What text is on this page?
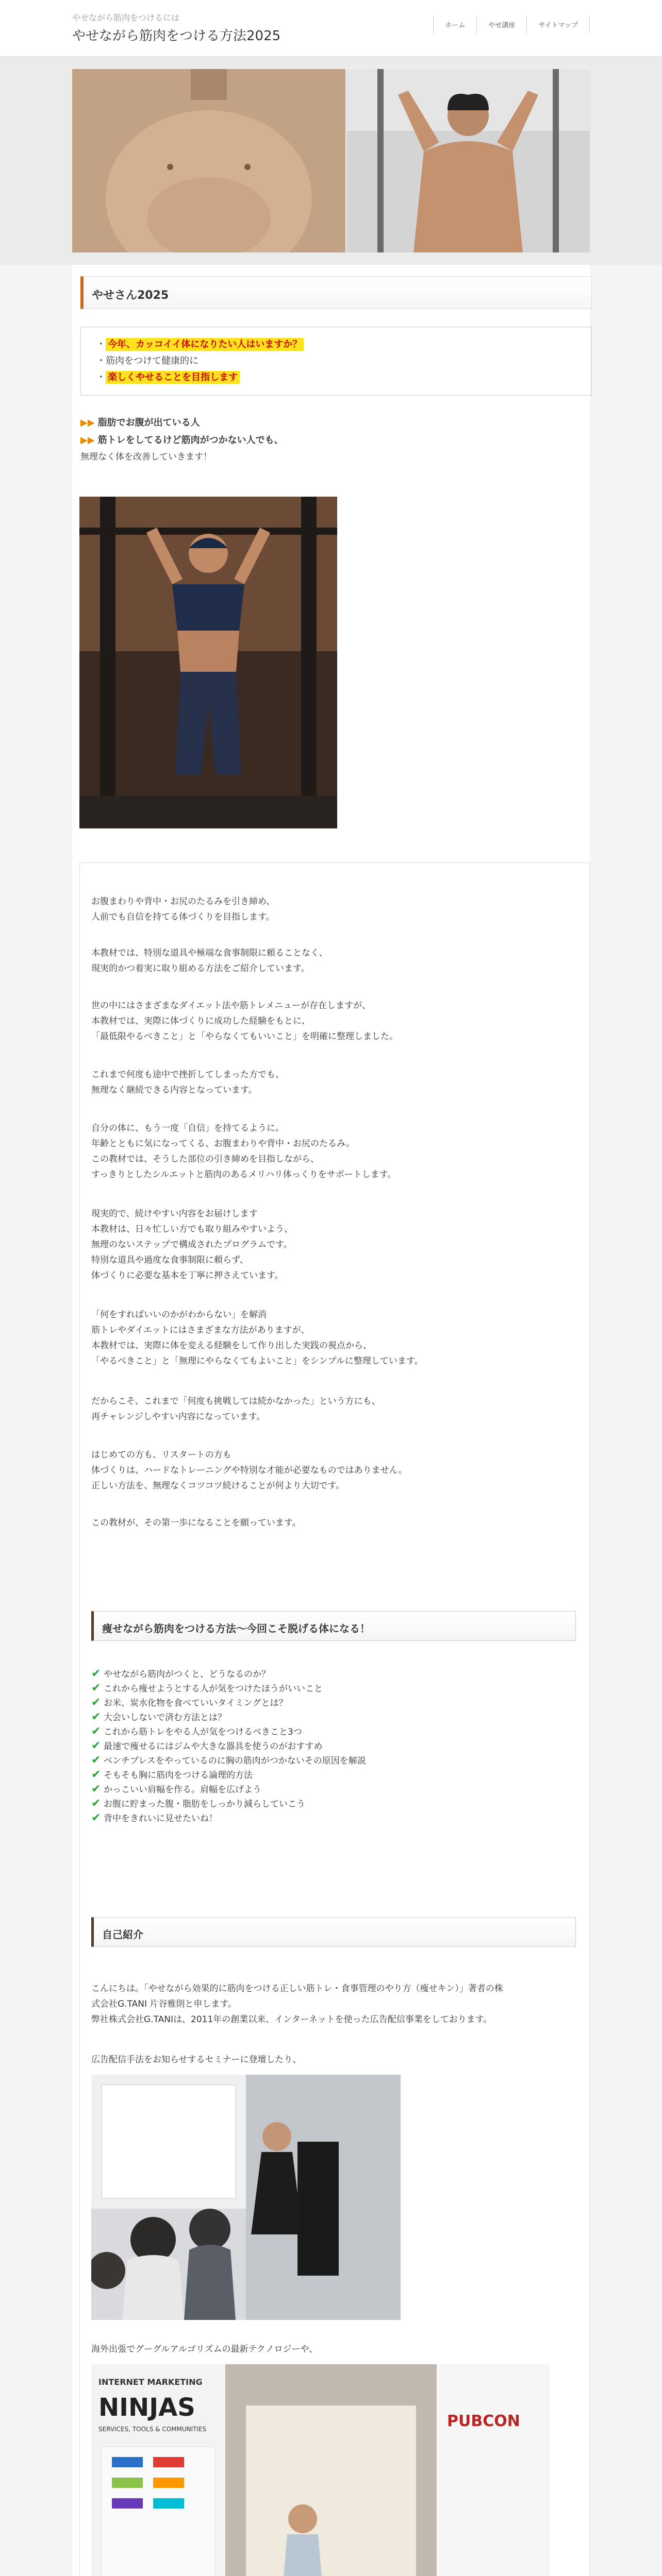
やせながら筋肉をつけるには
やせながら筋肉をつける方法2025
ホーム	やせ講座	サイトマップ
やせさん2025
・ 今年、カッコイイ体になりたい人はいますか？
・筋肉をつけて健康的に
・ 楽しくやせることを目指します
▶▶ 脂肪でお腹が出ている人
▶▶ 筋トレをしてるけど筋肉がつかない人でも、
無理なく体を改善していきます！
お腹まわりや背中・お尻のたるみを引き締め、
人前でも自信を持てる体づくりを目指します。
本教材では、特別な道具や極端な食事制限に頼ることなく、
現実的かつ着実に取り組める方法をご紹介しています。
世の中にはさまざまなダイエット法や筋トレメニューが存在しますが、
本教材では、実際に体づくりに成功した経験をもとに、
「最低限やるべきこと」と「やらなくてもいいこと」を明確に整理しました。
これまで何度も途中で挫折してしまった方でも、
無理なく継続できる内容となっています。
自分の体に、もう一度「自信」を持てるように。
年齢とともに気になってくる、お腹まわりや背中・お尻のたるみ。
この教材では、そうした部位の引き締めを目指しながら、
すっきりとしたシルエットと筋肉のあるメリハリ体っくりをサポートします。
現実的で、続けやすい内容をお届けします
本教材は、日々忙しい方でも取り組みやすいよう、
無理のないステップで構成されたプログラムです。
特別な道具や過度な食事制限に頼らず、
体づくりに必要な基本を丁寧に押さえています。
「何をすればいいのかがわからない」を解消
筋トレやダイエットにはさまざまな方法がありますが、
本教材では、実際に体を変える経験をして作り出した実践の視点から、
「やるべきこと」と「無理にやらなくてもよいこと」をシンプルに整理しています。
だからこそ、これまで「何度も挑戦しては続かなかった」という方にも、
再チャレンジしやすい内容になっています。
はじめての方も、リスタートの方も
体づくりは、ハードなトレーニングや特別な才能が必要なものではありません。
正しい方法を、無理なくコツコツ続けることが何より大切です。
この教材が、その第一歩になることを願っています。
痩せながら筋肉をつける方法〜今回こそ脱げる体になる！
✔ やせながら筋肉がつくと、どうなるのか？
✔ これから痩せようとする人が気をつけたほうがいいこと
✔ お米、炭水化物を食べていいタイミングとは？
✔ 大会いしないで済む方法とは？
✔ これから筋トレをやる人が気をつけるべきこと3つ
✔ 最速で痩せるにはジムや大きな器具を使うのがおすすめ
✔ ベンチプレスをやっているのに胸の筋肉がつかないその原因を解説
✔ そもそも胸に筋肉をつける論理的方法
✔ かっこいい肩幅を作る。肩幅を広げよう
✔ お腹に貯まった腹・脂肪をしっかり減らしていこう
✔ 背中をきれいに見せたいね！
自己紹介
こんにちは。「やせながら効果的に筋肉をつける正しい筋トレ・食事管理のやり方（痩せキン）」著者の株
式会社G.TANI 片谷雅則と申します。
弊社株式会社G.TANIは、2011年の創業以来、インターネットを使った広告配信事業をしております。
広告配信手法をお知らせするセミナーに登壇したり、
海外出張でグーグルアルゴリズムの最新テクノロジーや、
INTERNET MARKETING
NINJAS
SERVICES, TOOLS & COMMUNITIES	PUBCON
